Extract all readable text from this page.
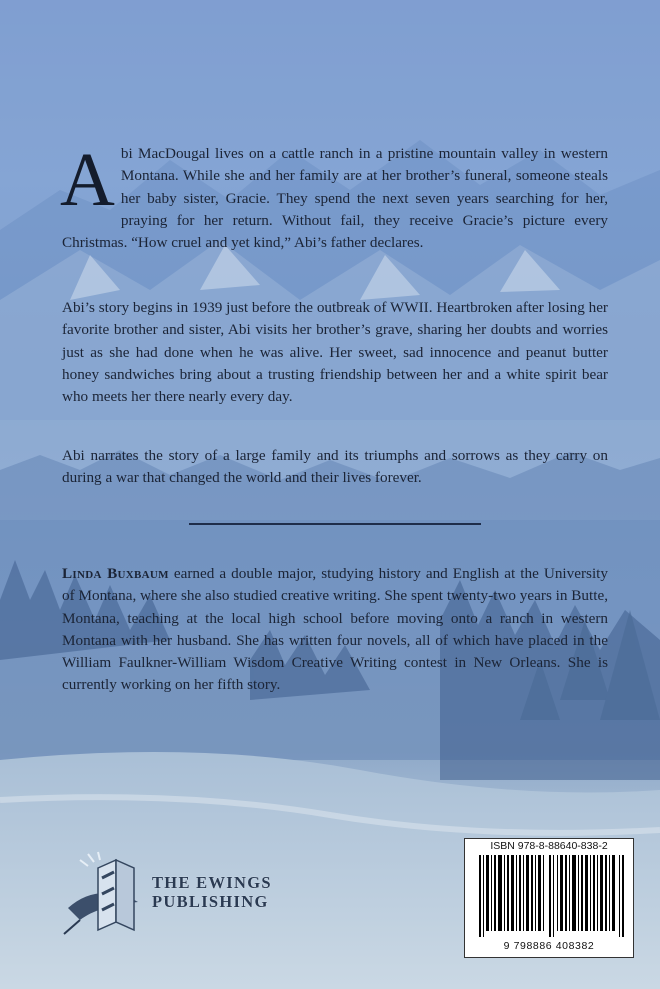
Abi MacDougal lives on a cattle ranch in a pristine mountain valley in western Montana. While she and her family are at her brother’s funeral, someone steals her baby sister, Gracie. They spend the next seven years searching for her, praying for her return. Without fail, they receive Gracie’s picture every Christmas. “How cruel and yet kind,” Abi’s father declares.

Abi’s story begins in 1939 just before the outbreak of WWII. Heartbroken after losing her favorite brother and sister, Abi visits her brother’s grave, sharing her doubts and worries just as she had done when he was alive. Her sweet, sad innocence and peanut butter honey sandwiches bring about a trusting friendship between her and a white spirit bear who meets her there nearly every day.

Abi narrates the story of a large family and its triumphs and sorrows as they carry on during a war that changed the world and their lives forever.

Linda Buxbaum earned a double major, studying history and English at the University of Montana, where she also studied creative writing. She spent twenty-two years in Butte, Montana, teaching at the local high school before moving onto a ranch in western Montana with her husband. She has written four novels, all of which have placed in the William Faulkner-William Wisdom Creative Writing contest in New Orleans. She is currently working on her fifth story.

THE EWINGS
PUBLISHING
ISBN 978-8-88640-838-2
9 798886 408382
